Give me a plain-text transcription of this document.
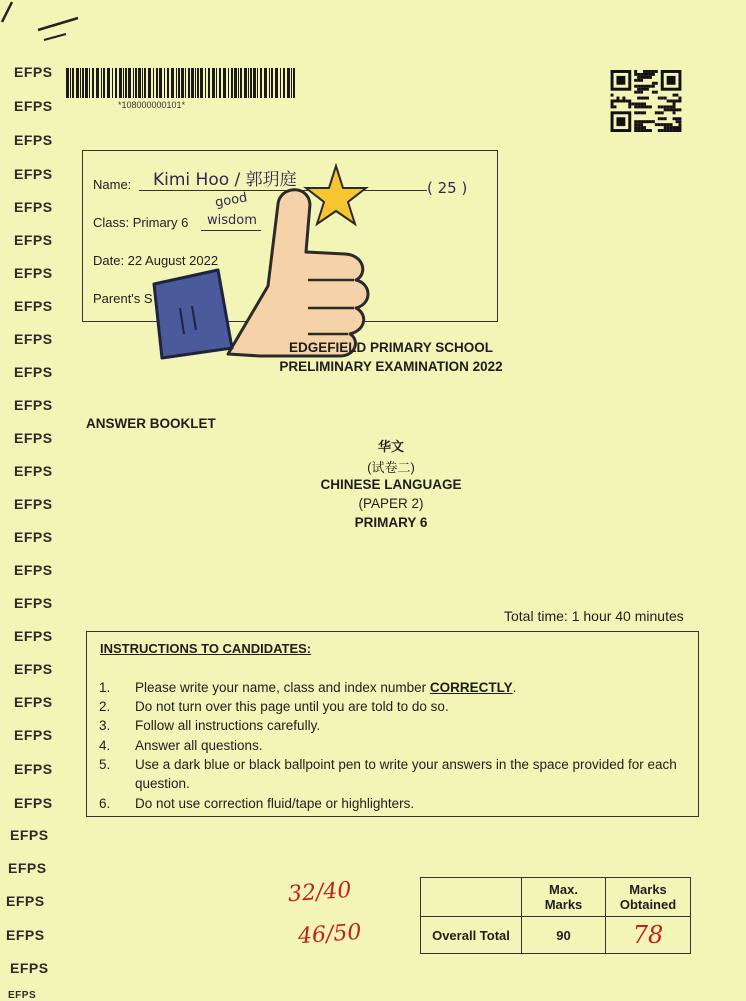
EFPS
EFPS
EFPS
EFPS
EFPS
EFPS
EFPS
EFPS
EFPS
EFPS
EFPS
EFPS
EFPS
EFPS
EFPS
EFPS
EFPS
EFPS
EFPS
EFPS
EFPS
EFPS
EFPS
EFPS
EFPS
EFPS
EFPS
EFPS
EFPS
*108000000101*
Name: Kimi Hoo / 郭玥庭	( 25 )
Class: Primary 6 wisdom
good
Date: 22 August 2022
Parent's S
EDGEFIELD PRIMARY SCHOOL
PRELIMINARY EXAMINATION 2022
ANSWER BOOKLET
华文
(试卷二)
CHINESE LANGUAGE
(PAPER 2)
PRIMARY 6
Total time: 1 hour 40 minutes
INSTRUCTIONS TO CANDIDATES:
1.	Please write your name, class and index number CORRECTLY.
2.	Do not turn over this page until you are told to do so.
3.	Follow all instructions carefully.
4.	Answer all questions.
5.	Use a dark blue or black ballpoint pen to write your answers in the space provided for each question.
6.	Do not use correction fluid/tape or highlighters.
32/40
46/50

	Max. Marks	Marks Obtained

Overall Total	90	78
